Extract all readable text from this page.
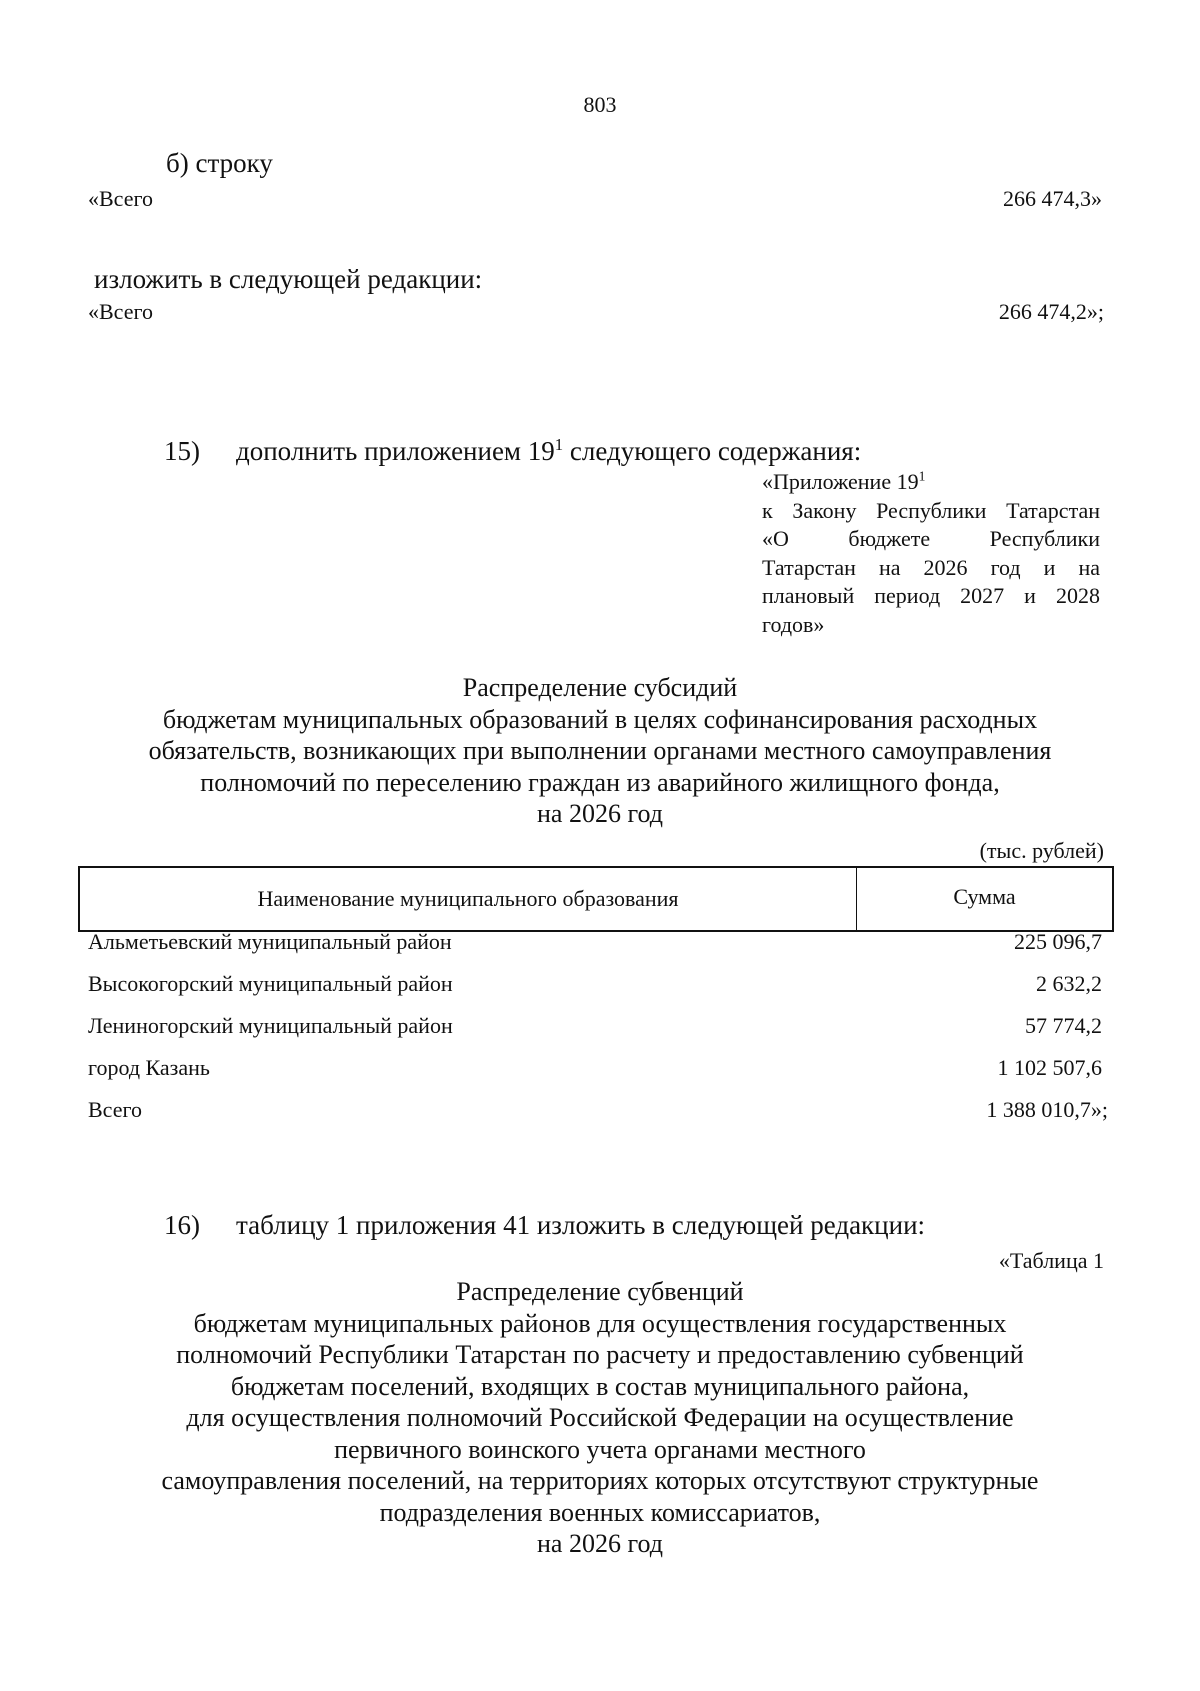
803
б) строку
«Всего	266 474,3»
изложить в следующей редакции:
«Всего	266 474,2»;
15) дополнить приложением $19^1$ следующего содержания:
«Приложение $19^1$
к Закону Республики Татарстан
«О бюджете Республики
Татарстан на 2026 год и на
плановый период 2027 и 2028
годов»
Распределение субсидий
бюджетам муниципальных образований в целях софинансирования расходных
обязательств, возникающих при выполнении органами местного самоуправления
полномочий по переселению граждан из аварийного жилищного фонда,
на 2026 год
(тыс. рублей)
Наименование муниципального образования	Сумма
Альметьевский муниципальный район	225 096,7
Высокогорский муниципальный район	2 632,2
Лениногорский муниципальный район	57 774,2
город Казань	1 102 507,6
Всего	1 388 010,7»;
16) таблицу 1 приложения 41 изложить в следующей редакции:
«Таблица 1
Распределение субвенций
бюджетам муниципальных районов для осуществления государственных
полномочий Республики Татарстан по расчету и предоставлению субвенций
бюджетам поселений, входящих в состав муниципального района,
для осуществления полномочий Российской Федерации на осуществление
первичного воинского учета органами местного
самоуправления поселений, на территориях которых отсутствуют структурные
подразделения военных комиссариатов,
на 2026 год
